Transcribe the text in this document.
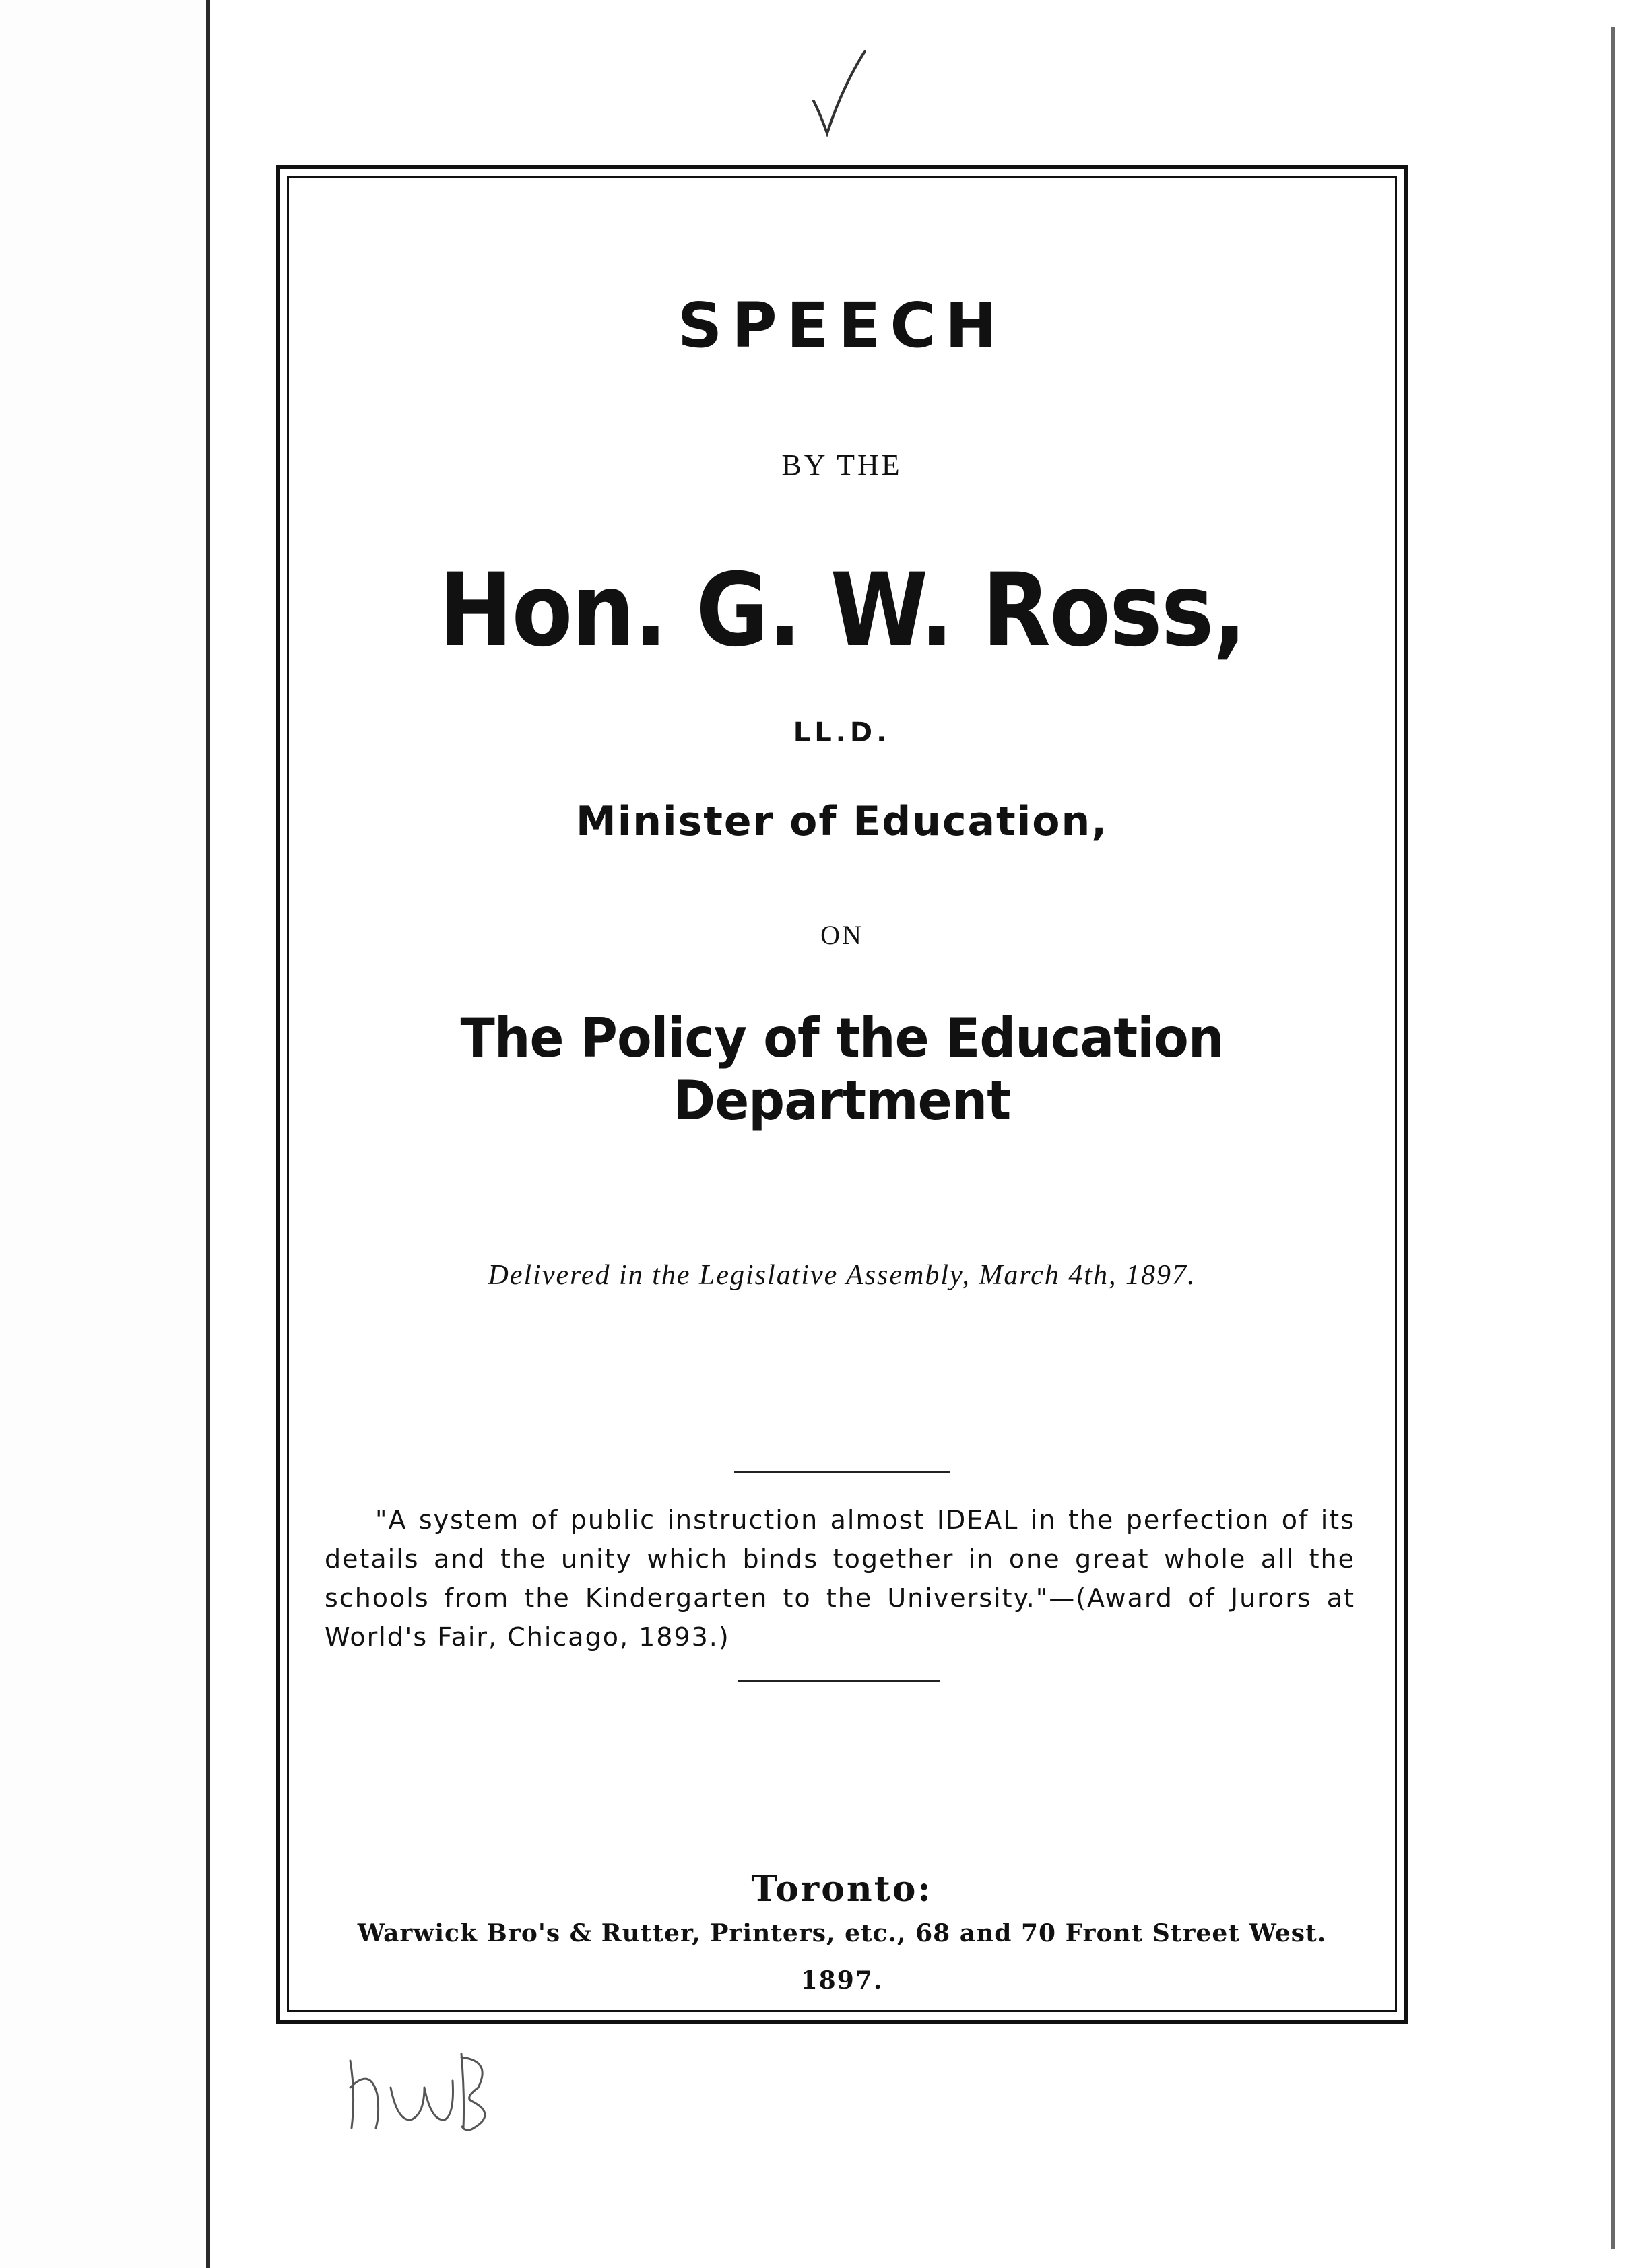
SPEECH

BY THE

Hon. G. W. Ross,

LL.D.

Minister of Education,

ON

The Policy of the Education Department

Delivered in the Legislative Assembly, March 4th, 1897.

"A system of public instruction almost IDEAL in the perfection of its details and the unity which binds together in one great whole all the schools from the Kindergarten to the University."—(Award of Jurors at World's Fair, Chicago, 1893.)

Toronto:

Warwick Bro's & Rutter, Printers, etc., 68 and 70 Front Street West.

1897.
